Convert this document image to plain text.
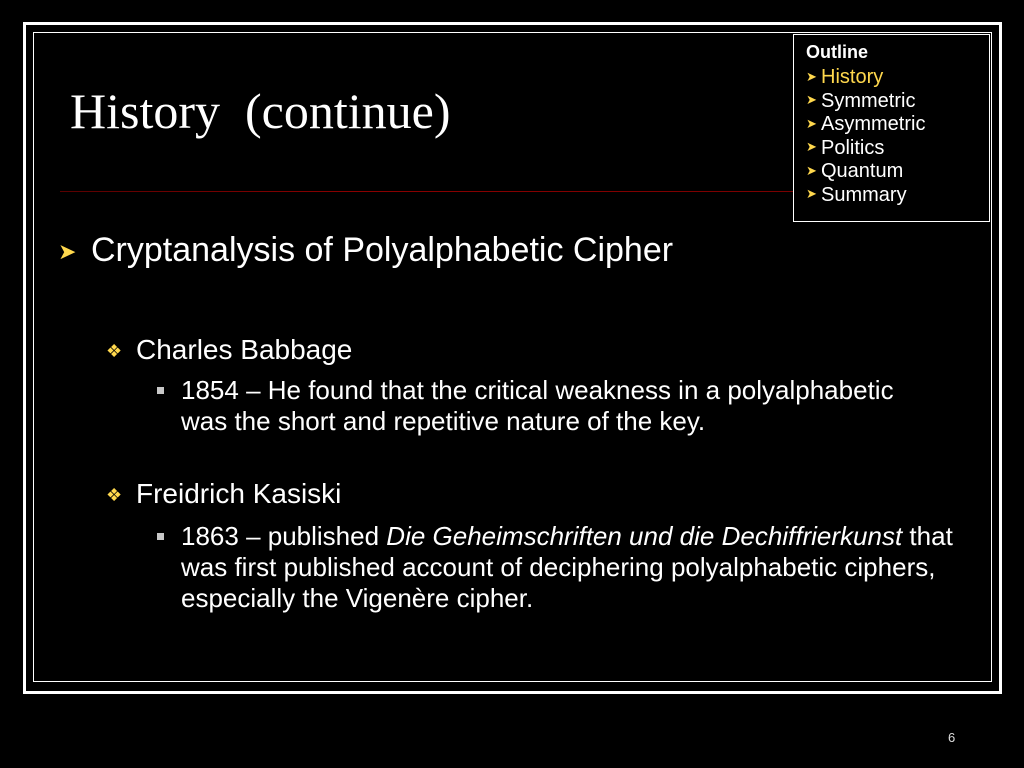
History  (continue)
Outline
➤ History
➤ Symmetric
➤ Asymmetric
➤ Politics
➤ Quantum
➤ Summary
➤ Cryptanalysis of Polyalphabetic Cipher
❖ Charles Babbage
1854 – He found that the critical weakness in a polyalphabetic was the short and repetitive nature of the key.
❖ Freidrich Kasiski
1863 – published Die Geheimschriften und die Dechiffrierkunst that was first published account of deciphering polyalphabetic ciphers, especially the Vigenère cipher.
6
